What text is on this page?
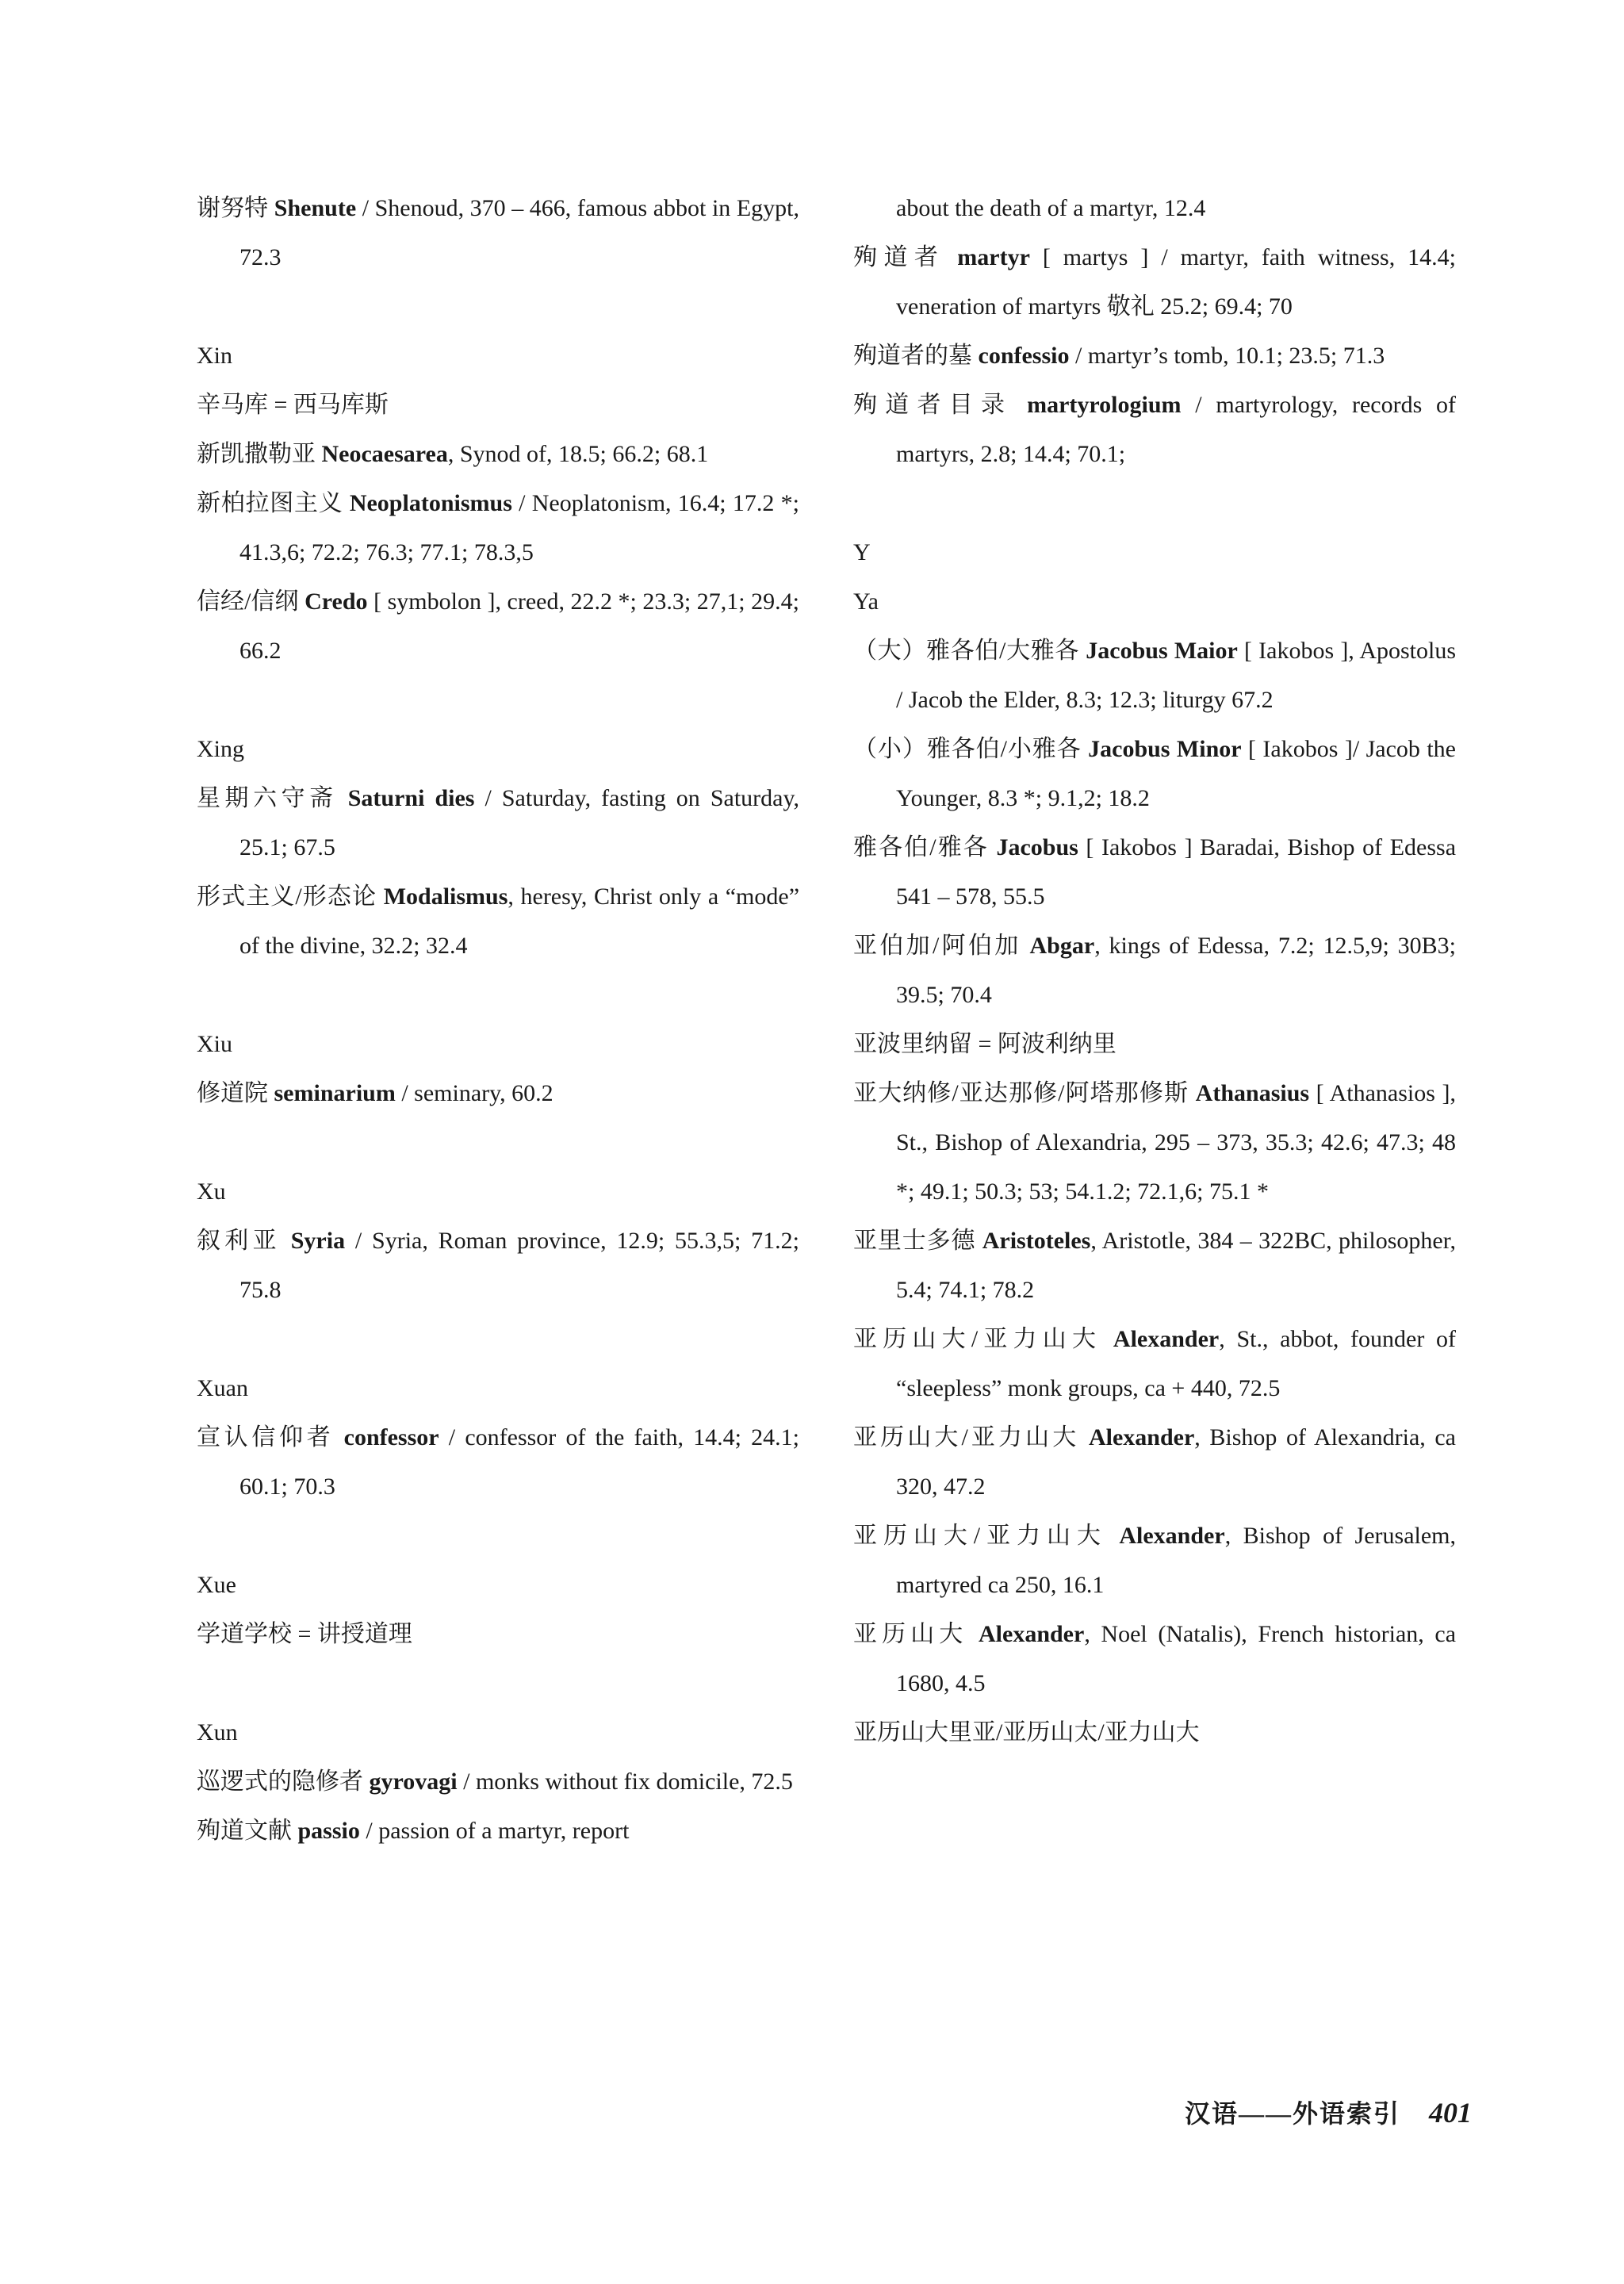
谢努特 Shenute / Shenoud, 370 – 466, famous abbot in Egypt, 72.3

Xin

辛马库 = 西马库斯

新凯撒勒亚 Neocaesarea, Synod of, 18.5; 66.2; 68.1

新柏拉图主义 Neoplatonismus / Neoplatonism, 16.4; 17.2 *; 41.3,6; 72.2; 76.3; 77.1; 78.3,5

信经/信纲 Credo [ symbolon ], creed, 22.2 *; 23.3; 27,1; 29.4; 66.2

Xing

星期六守斋 Saturni dies / Saturday, fasting on Saturday, 25.1; 67.5

形式主义/形态论 Modalismus, heresy, Christ only a “mode” of the divine, 32.2; 32.4

Xiu

修道院 seminarium / seminary, 60.2

Xu

叙利亚 Syria / Syria, Roman province, 12.9; 55.3,5; 71.2; 75.8

Xuan

宣认信仰者 confessor / confessor of the faith, 14.4; 24.1; 60.1; 70.3

Xue

学道学校 = 讲授道理

Xun

巡逻式的隐修者 gyrovagi / monks without fix domicile, 72.5

殉道文献 passio / passion of a martyr, report

about the death of a martyr, 12.4

殉道者 martyr [ martys ] / martyr, faith witness, 14.4; veneration of martyrs 敬礼 25.2; 69.4; 70

殉道者的墓 confessio / martyr’s tomb, 10.1; 23.5; 71.3

殉道者目录 martyrologium / martyrology, records of martyrs, 2.8; 14.4; 70.1;

Y

Ya

（大）雅各伯/大雅各 Jacobus Maior [ Iakobos ], Apostolus / Jacob the Elder, 8.3; 12.3; liturgy 67.2

（小）雅各伯/小雅各 Jacobus Minor [ Iakobos ]/ Jacob the Younger, 8.3 *; 9.1,2; 18.2

雅各伯/雅各 Jacobus [ Iakobos ] Baradai, Bishop of Edessa 541 – 578, 55.5

亚伯加/阿伯加 Abgar, kings of Edessa, 7.2; 12.5,9; 30B3; 39.5; 70.4

亚波里纳留 = 阿波利纳里

亚大纳修/亚达那修/阿塔那修斯 Athanasius [ Athanasios ], St., Bishop of Alexandria, 295 – 373, 35.3; 42.6; 47.3; 48 *; 49.1; 50.3; 53; 54.1.2; 72.1,6; 75.1 *

亚里士多德 Aristoteles, Aristotle, 384 – 322BC, philosopher, 5.4; 74.1; 78.2

亚历山大/亚力山大 Alexander, St., abbot, founder of “sleepless” monk groups, ca + 440, 72.5

亚历山大/亚力山大 Alexander, Bishop of Alexandria, ca 320, 47.2

亚历山大/亚力山大 Alexander, Bishop of Jerusalem, martyred ca 250, 16.1

亚历山大 Alexander, Noel (Natalis), French historian, ca 1680, 4.5

亚历山大里亚/亚历山太/亚力山大

汉语——外语索引 401
